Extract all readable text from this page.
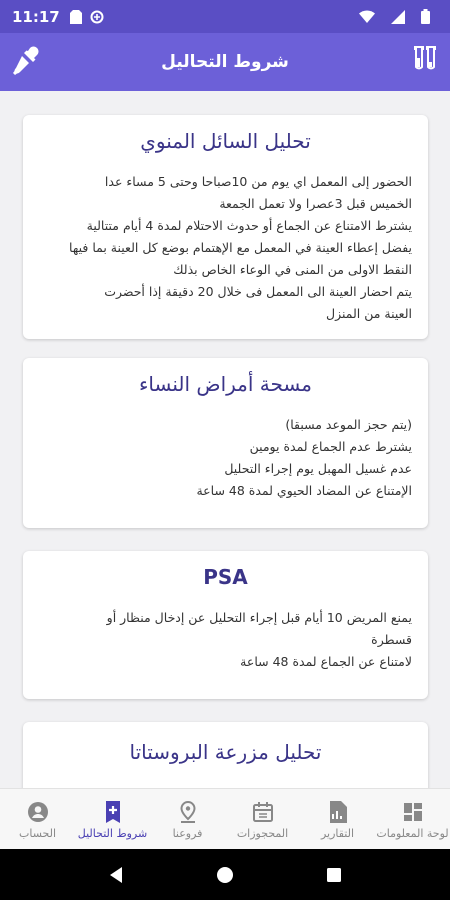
11:17
شروط التحاليل
تحليل السائل المنوي
الحضور إلى المعمل اي يوم من 10صباحا وحتى 5 مساء عدا
الخميس قبل 3عصرا ولا تعمل الجمعة
يشترط الامتناع عن الجماع أو حدوث الاحتلام لمدة 4 أيام متتالية
يفضل إعطاء العينة في المعمل مع الإهتمام بوضع كل العينة بما فيها
النقط الاولى من المنى في الوعاء الخاص بذلك
يتم احضار العينة الى المعمل فى خلال 20 دقيقة إذا أحضرت
العينة من المنزل
مسحة أمراض النساء
(يتم حجز الموعد مسبقا)
يشترط عدم الجماع لمدة يومين
عدم غسيل المهبل يوم إجراء التحليل
الإمتناع عن المضاد الحيوي لمدة 48 ساعة
PSA
يمنع المريض 10 أيام قبل إجراء التحليل عن إدخال منظار أو
قسطرة
لامتناع عن الجماع لمدة 48 ساعة
تحليل مزرعة البروستاتا
لوحة المعلومات
التقارير
المحجوزات
فروعنا
شروط التحاليل
الحساب
